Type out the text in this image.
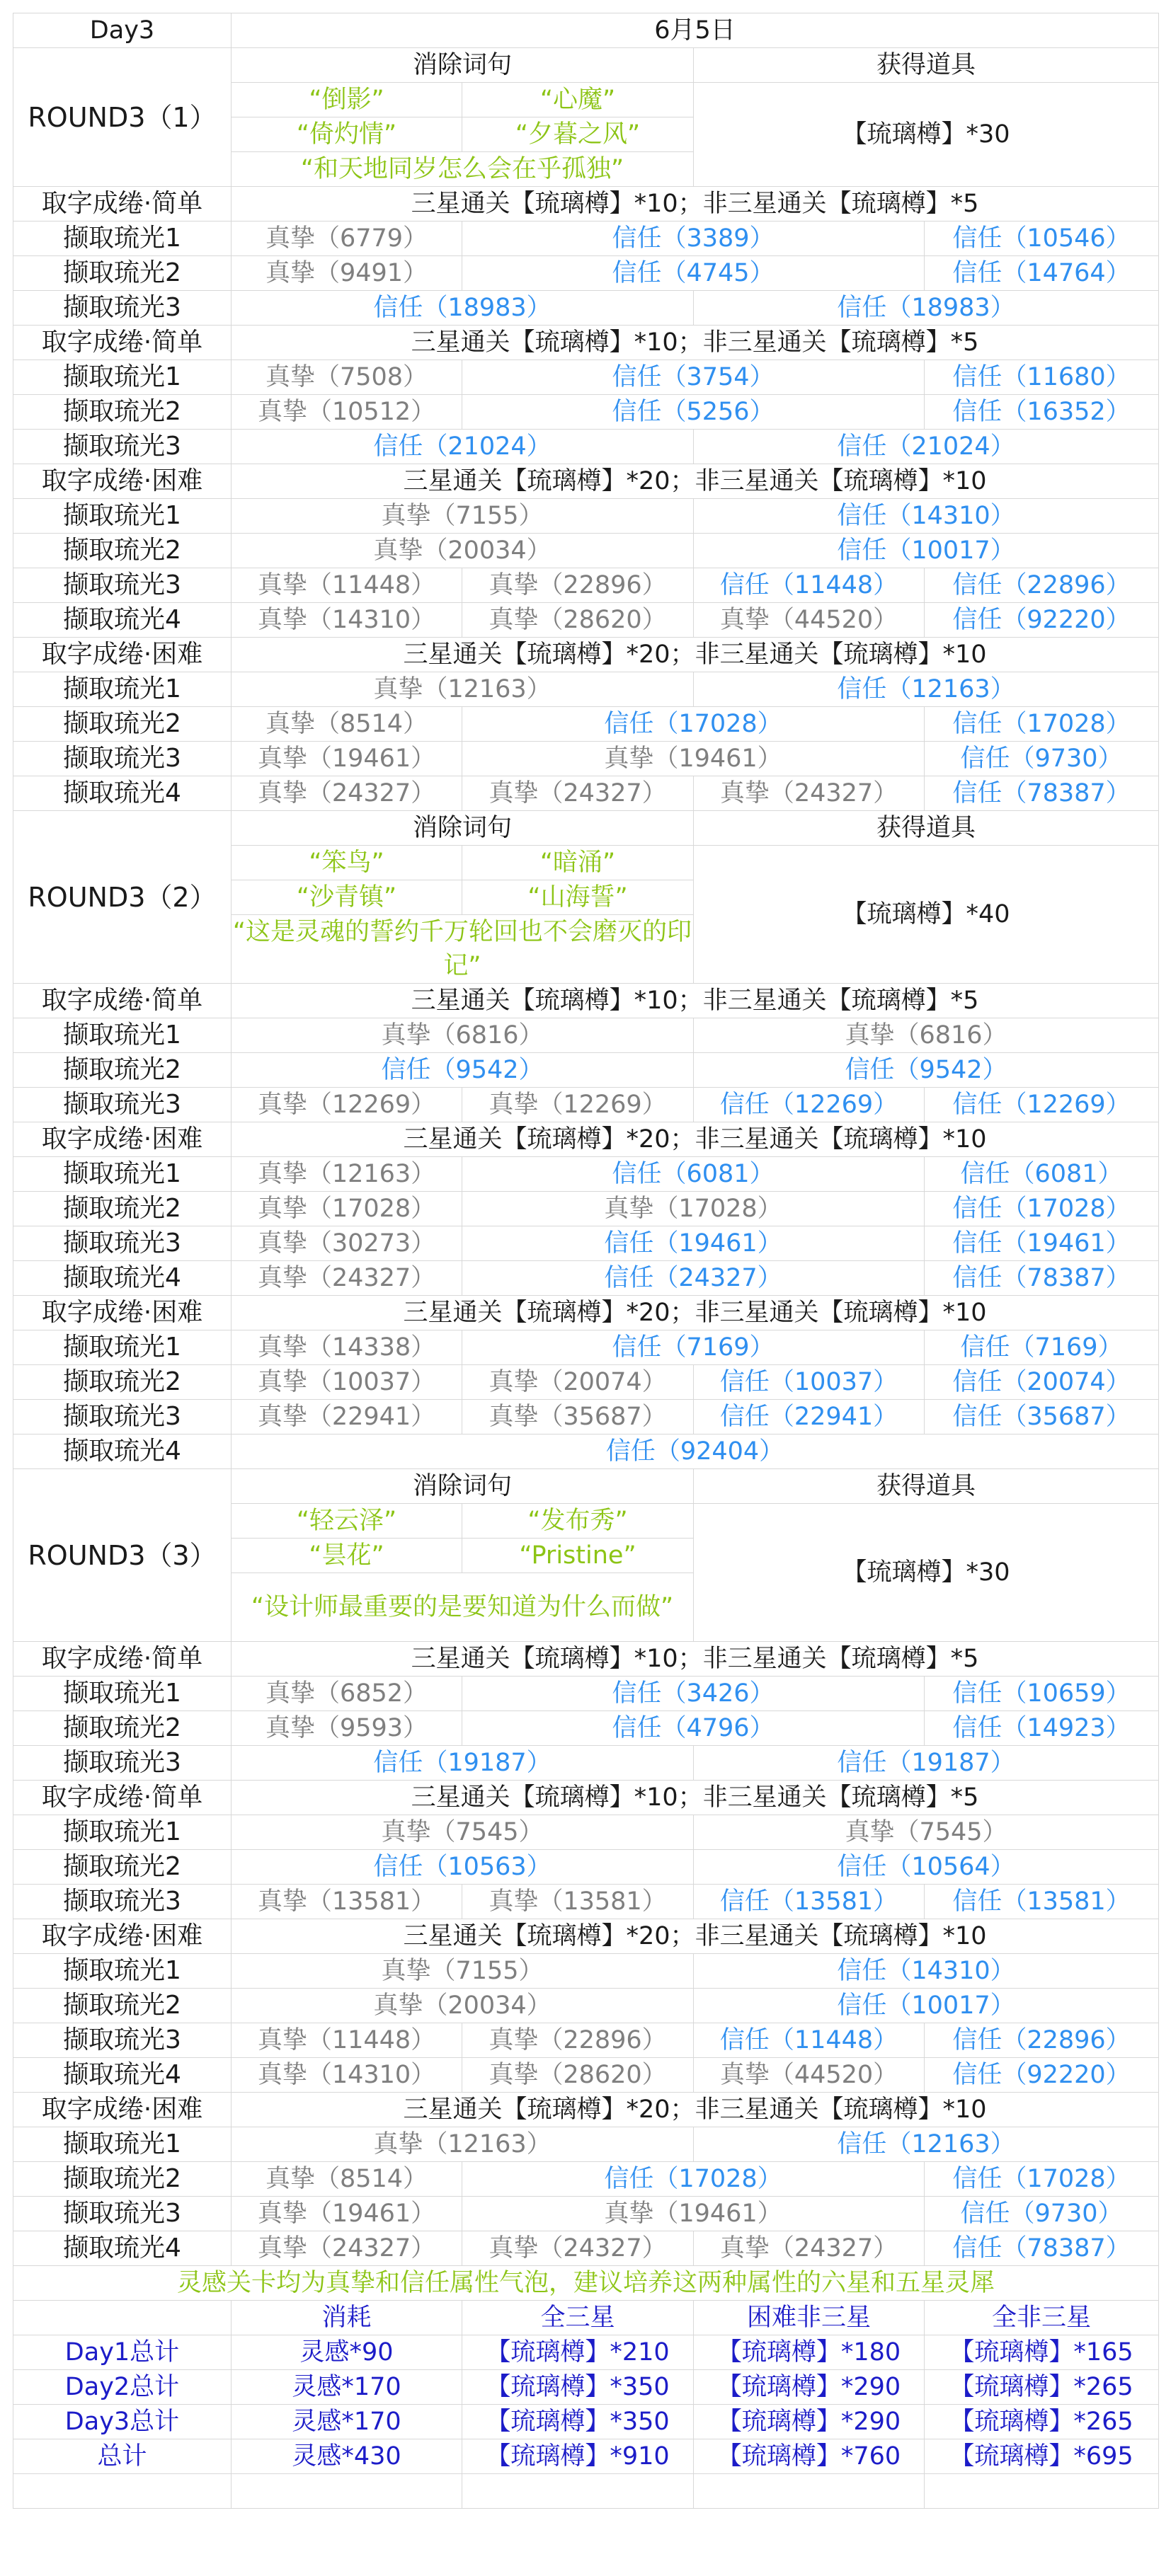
Day3	6月5日			
ROUND3（1）	消除词句		获得道具	
	“倒影”	“心魔”	【琉璃樽】*30	
	“倚灼情”	“夕暮之风”		
	“和天地同岁怎么会在乎孤独”			
取字成绻·简单	三星通关【琉璃樽】*10；非三星通关【琉璃樽】*5			
撷取琉光1	真挚（6779）	信任（3389）		信任（10546）
撷取琉光2	真挚（9491）	信任（4745）		信任（14764）
撷取琉光3	信任（18983）		信任（18983）	
取字成绻·简单	三星通关【琉璃樽】*10；非三星通关【琉璃樽】*5			
撷取琉光1	真挚（7508）	信任（3754）		信任（11680）
撷取琉光2	真挚（10512）	信任（5256）		信任（16352）
撷取琉光3	信任（21024）		信任（21024）	
取字成绻·困难	三星通关【琉璃樽】*20；非三星通关【琉璃樽】*10			
撷取琉光1	真挚（7155）		信任（14310）	
撷取琉光2	真挚（20034）		信任（10017）	
撷取琉光3	真挚（11448）	真挚（22896）	信任（11448）	信任（22896）
撷取琉光4	真挚（14310）	真挚（28620）	真挚（44520）	信任（92220）
取字成绻·困难	三星通关【琉璃樽】*20；非三星通关【琉璃樽】*10			
撷取琉光1	真挚（12163）		信任（12163）	
撷取琉光2	真挚（8514）	信任（17028）		信任（17028）
撷取琉光3	真挚（19461）	真挚（19461）		信任（9730）
撷取琉光4	真挚（24327）	真挚（24327）	真挚（24327）	信任（78387）
ROUND3（2）	消除词句		获得道具	
	“笨鸟”	“暗涌”	【琉璃樽】*40	
	“沙青镇”	“山海誓”		
	“这是灵魂的誓约千万轮回也不会磨灭的印记”			
取字成绻·简单	三星通关【琉璃樽】*10；非三星通关【琉璃樽】*5			
撷取琉光1	真挚（6816）		真挚（6816）	
撷取琉光2	信任（9542）		信任（9542）	
撷取琉光3	真挚（12269）	真挚（12269）	信任（12269）	信任（12269）
取字成绻·困难	三星通关【琉璃樽】*20；非三星通关【琉璃樽】*10			
撷取琉光1	真挚（12163）	信任（6081）		信任（6081）
撷取琉光2	真挚（17028）	真挚（17028）		信任（17028）
撷取琉光3	真挚（30273）	信任（19461）		信任（19461）
撷取琉光4	真挚（24327）	信任（24327）		信任（78387）
取字成绻·困难	三星通关【琉璃樽】*20；非三星通关【琉璃樽】*10			
撷取琉光1	真挚（14338）	信任（7169）		信任（7169）
撷取琉光2	真挚（10037）	真挚（20074）	信任（10037）	信任（20074）
撷取琉光3	真挚（22941）	真挚（35687）	信任（22941）	信任（35687）
撷取琉光4	信任（92404）			
ROUND3（3）	消除词句		获得道具	
	“轻云泽”	“发布秀”	【琉璃樽】*30	
	“昙花”	“Pristine”		
	“设计师最重要的是要知道为什么而做”			
取字成绻·简单	三星通关【琉璃樽】*10；非三星通关【琉璃樽】*5			
撷取琉光1	真挚（6852）	信任（3426）		信任（10659）
撷取琉光2	真挚（9593）	信任（4796）		信任（14923）
撷取琉光3	信任（19187）		信任（19187）	
取字成绻·简单	三星通关【琉璃樽】*10；非三星通关【琉璃樽】*5			
撷取琉光1	真挚（7545）		真挚（7545）	
撷取琉光2	信任（10563）		信任（10564）	
撷取琉光3	真挚（13581）	真挚（13581）	信任（13581）	信任（13581）
取字成绻·困难	三星通关【琉璃樽】*20；非三星通关【琉璃樽】*10			
撷取琉光1	真挚（7155）		信任（14310）	
撷取琉光2	真挚（20034）		信任（10017）	
撷取琉光3	真挚（11448）	真挚（22896）	信任（11448）	信任（22896）
撷取琉光4	真挚（14310）	真挚（28620）	真挚（44520）	信任（92220）
取字成绻·困难	三星通关【琉璃樽】*20；非三星通关【琉璃樽】*10			
撷取琉光1	真挚（12163）		信任（12163）	
撷取琉光2	真挚（8514）	信任（17028）		信任（17028）
撷取琉光3	真挚（19461）	真挚（19461）		信任（9730）
撷取琉光4	真挚（24327）	真挚（24327）	真挚（24327）	信任（78387）
灵感关卡均为真挚和信任属性气泡，建议培养这两种属性的六星和五星灵犀				
	消耗	全三星	困难非三星	全非三星
Day1总计	灵感*90	【琉璃樽】*210	【琉璃樽】*180	【琉璃樽】*165
Day2总计	灵感*170	【琉璃樽】*350	【琉璃樽】*290	【琉璃樽】*265
Day3总计	灵感*170	【琉璃樽】*350	【琉璃樽】*290	【琉璃樽】*265
总计	灵感*430	【琉璃樽】*910	【琉璃樽】*760	【琉璃樽】*695
